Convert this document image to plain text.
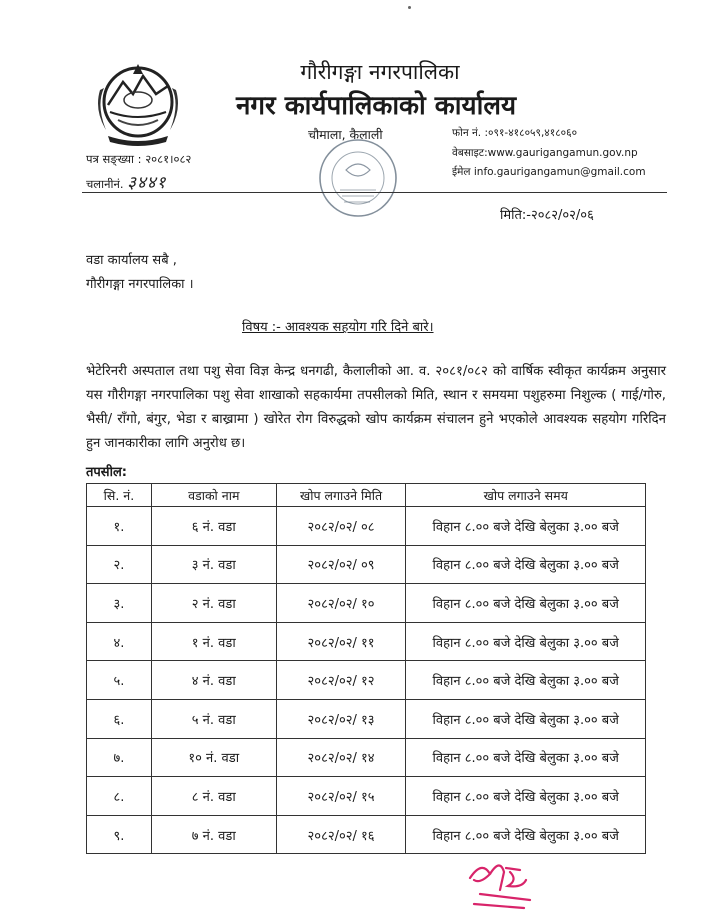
गौरीगङ्गा नगरपालिका
नगर कार्यपालिकाको कार्यालय
चौमाला, कैलाली	फोन नं. :०९१-४१८०५९,४१८०६०
वेबसाइट:www.gaurigangamun.gov.np
ईमेल info.gaurigangamun@gmail.com
पत्र सङ्ख्या : २०८१।०८२
चलानीनं. ३४४१
मिति:-२०८२/०२/०६
वडा कार्यालय सबै ,
गौरीगङ्गा नगरपालिका ।
विषय :- आवश्यक सहयोग गरि दिने बारे।
भेटेरिनरी अस्पताल तथा पशु सेवा विज्ञ केन्द्र धनगढी, कैलालीको आ. व. २०८१/०८२ को वार्षिक स्वीकृत कार्यक्रम अनुसार यस गौरीगङ्गा नगरपालिका पशु सेवा शाखाको सहकार्यमा तपसीलको मिति, स्थान र समयमा पशुहरुमा निशुल्क ( गाई/गोरु, भैसी/ राँगो, बंगुर, भेडा र बाख्रामा ) खोरेत रोग विरुद्धको खोप कार्यक्रम संचालन हुने भएकोले आवश्यक सहयोग गरिदिन हुन जानकारीका लागि अनुरोध छ।
तपसील:
सि. नं.	वडाको नाम	खोप लगाउने मिति	खोप लगाउने समय
१.	६ नं. वडा	२०८२/०२/ ०८	विहान ८.०० बजे देखि बेलुका ३.०० बजे
२.	३ नं. वडा	२०८२/०२/ ०९	विहान ८.०० बजे देखि बेलुका ३.०० बजे
३.	२ नं. वडा	२०८२/०२/ १०	विहान ८.०० बजे देखि बेलुका ३.०० बजे
४.	१ नं. वडा	२०८२/०२/ ११	विहान ८.०० बजे देखि बेलुका ३.०० बजे
५.	४ नं. वडा	२०८२/०२/ १२	विहान ८.०० बजे देखि बेलुका ३.०० बजे
६.	५ नं. वडा	२०८२/०२/ १३	विहान ८.०० बजे देखि बेलुका ३.०० बजे
७.	१० नं. वडा	२०८२/०२/ १४	विहान ८.०० बजे देखि बेलुका ३.०० बजे
८.	८ नं. वडा	२०८२/०२/ १५	विहान ८.०० बजे देखि बेलुका ३.०० बजे
९.	७ नं. वडा	२०८२/०२/ १६	विहान ८.०० बजे देखि बेलुका ३.०० बजे
